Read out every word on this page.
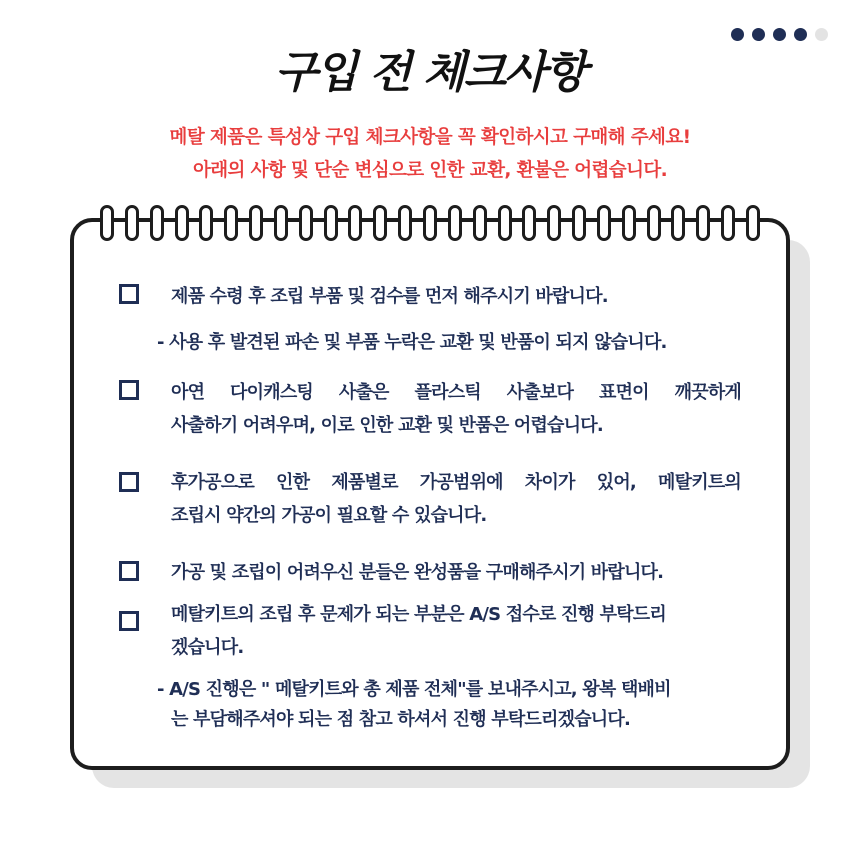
구입 전 체크사항
메탈 제품은 특성상 구입 체크사항을 꼭 확인하시고 구매해 주세요!
아래의 사항 및 단순 변심으로 인한 교환, 환불은 어렵습니다.
제품 수령 후 조립 부품 및 검수를 먼저 해주시기 바랍니다.
- 사용 후 발견된 파손 및 부품 누락은 교환 및 반품이 되지 않습니다.
아연 다이캐스팅 사출은 플라스틱 사출보다 표면이 깨끗하게
사출하기 어려우며, 이로 인한 교환 및 반품은 어렵습니다.
후가공으로 인한 제품별로 가공범위에 차이가 있어, 메탈키트의
조립시 약간의 가공이 필요할 수 있습니다.
가공 및 조립이 어려우신 분들은 완성품을 구매해주시기 바랍니다.
메탈키트의 조립 후 문제가 되는 부분은 A/S 접수로 진행 부탁드리
겠습니다.
- A/S 진행은 " 메탈키트와 총 제품 전체"를 보내주시고, 왕복 택배비
는 부담해주셔야 되는 점 참고 하셔서 진행 부탁드리겠습니다.
